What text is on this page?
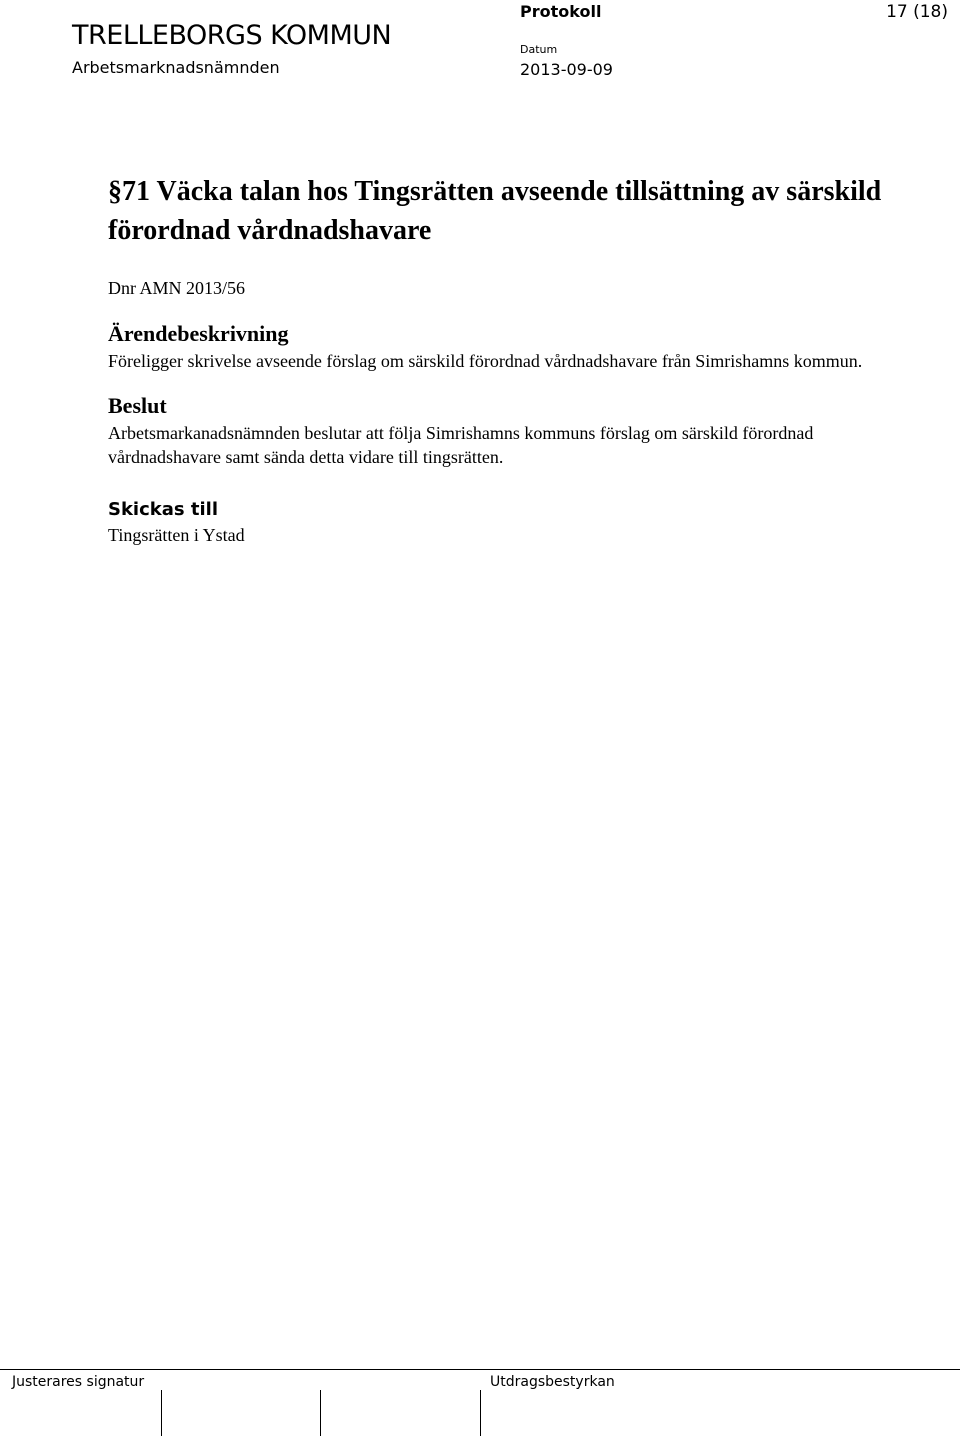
TRELLEBORGS KOMMUN
Arbetsmarknadsnämnden
Protokoll	17 (18)
Datum
2013-09-09
§71 Väcka talan hos Tingsrätten avseende tillsättning av särskild förordnad vårdnadshavare

Dnr AMN 2013/56

Ärendebeskrivning

Föreligger skrivelse avseende förslag om särskild förordnad vårdnadshavare från Simrishamns kommun.

Beslut

Arbetsmarkanadsnämnden beslutar att följa Simrishamns kommuns förslag om särskild förordnad vårdnadshavare samt sända detta vidare till tingsrätten.

Skickas till

Tingsrätten i Ystad

Justerares signatur	Utdragsbestyrkan
